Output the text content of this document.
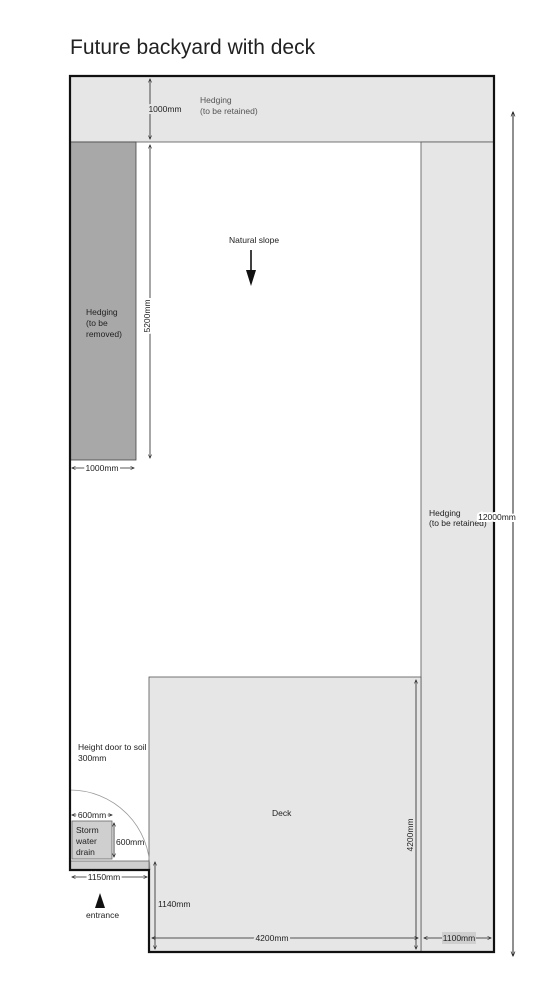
Future backyard with deck
Hedging
(to be retained)
Hedging
(to be retained)
Hedging
(to be
removed)
Deck
Storm
water
drain
Natural slope
Height door to soil
300mm
entrance
1000mm
5200mm
1000mm
12000mm
4200mm
4200mm	1100mm
1150mm
1140mm
600mm
600mm
